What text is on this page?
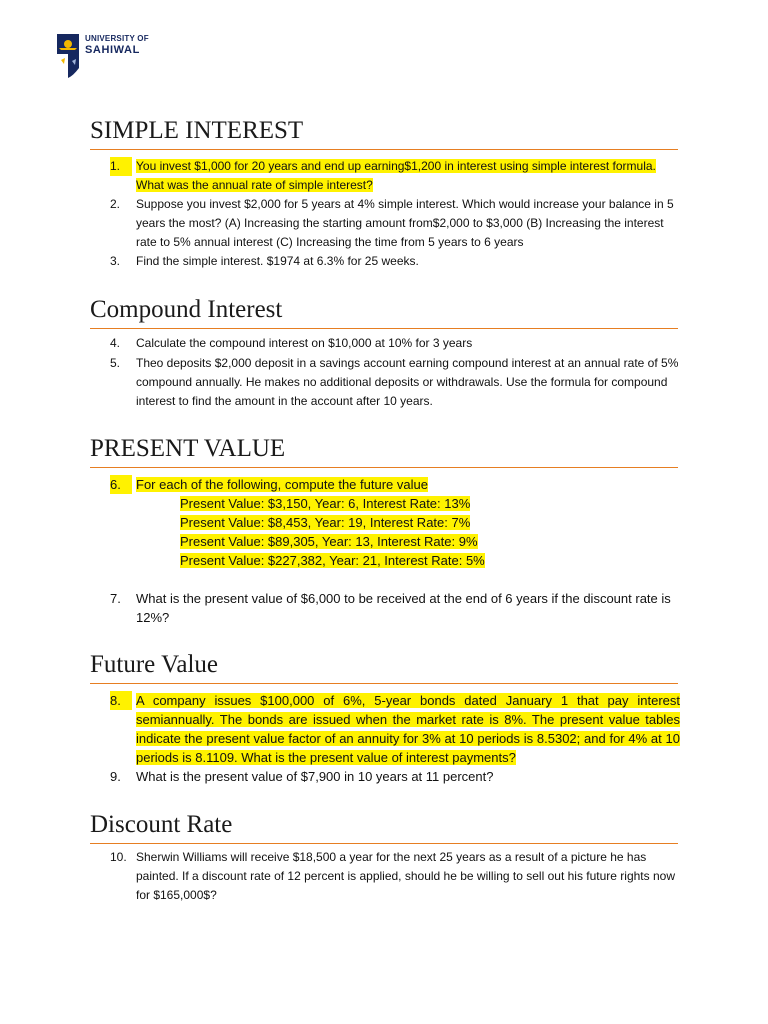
UNIVERSITY OF
SAHIWAL
SIMPLE INTEREST
1.	You invest $1,000 for 20 years and end up earning$1,200 in interest using simple interest formula.
What was the annual rate of simple interest?
2.	Suppose you invest $2,000 for 5 years at 4% simple interest. Which would increase your balance in 5 years the most? (A) Increasing the starting amount from$2,000 to $3,000 (B) Increasing the interest rate to 5% annual interest (C) Increasing the time from 5 years to 6 years
3.	Find the simple interest. $1974 at 6.3% for 25 weeks.
Compound Interest
4.	Calculate the compound interest on $10,000 at 10% for 3 years
5.	Theo deposits $2,000 deposit in a savings account earning compound interest at an annual rate of 5% compound annually. He makes no additional deposits or withdrawals. Use the formula for compound interest to find the amount in the account after 10 years.
PRESENT VALUE
6.	For each of the following, compute the future value
Present Value: $3,150, Year: 6, Interest Rate: 13%
Present Value: $8,453, Year: 19, Interest Rate: 7%
Present Value: $89,305, Year: 13, Interest Rate: 9%
Present Value: $227,382, Year: 21, Interest Rate: 5%
7.	What is the present value of $6,000 to be received at the end of 6 years if the discount rate is 12%?
Future Value
8.	A company issues $100,000 of 6%, 5-year bonds dated January 1 that pay interest semiannually. The bonds are issued when the market rate is 8%. The present value tables indicate the present value factor of an annuity for 3% at 10 periods is 8.5302; and for 4% at 10 periods is 8.1109. What is the present value of interest payments?
9.	What is the present value of $7,900 in 10 years at 11 percent?
Discount Rate
10. Sherwin Williams will receive $18,500 a year for the next 25 years as a result of a picture he has painted. If a discount rate of 12 percent is applied, should he be willing to sell out his future rights now for $165,000$?
